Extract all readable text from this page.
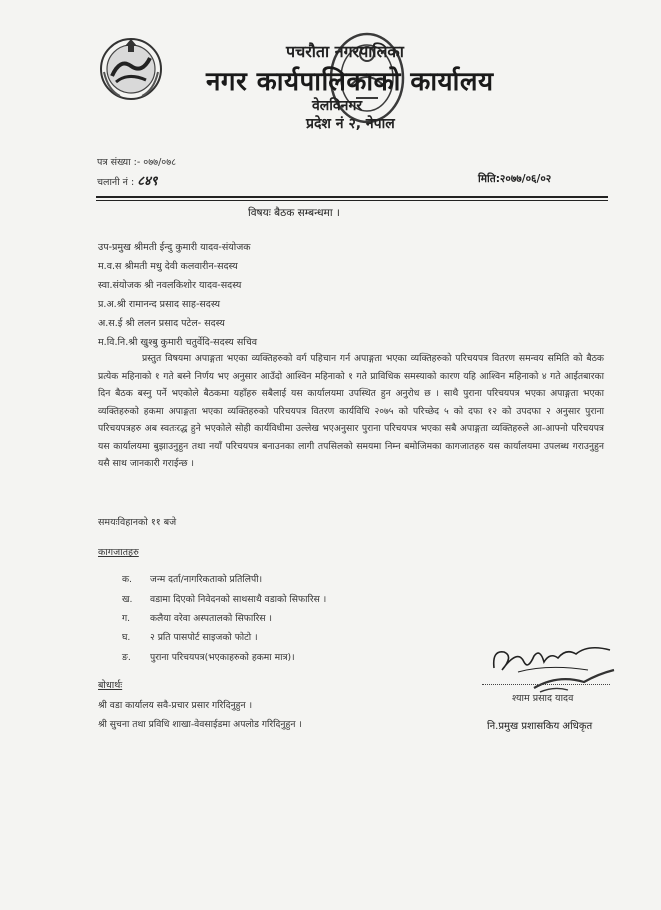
पचरौता नगरपालिका
नगर कार्यपालिकाको कार्यालय
वेलविनगर
प्रदेश नं २, नेपाल
पत्र संख्या :- ०७७/०७८
चलानी नं : ८४९	मिति:२०७७/०६/०२
विषयः बैठक सम्बन्धमा ।
उप-प्रमुख श्रीमती ईन्दु कुमारी यादव-संयोजक
म.व.स श्रीमती मधु देवी कलवारीन-सदस्य
स्वा.संयोजक श्री नवलकिशोर यादव-सदस्य
प्र.अ.श्री रामानन्द प्रसाद साह-सदस्य
अ.स.ई श्री ललन प्रसाद पटेल- सदस्य
म.वि.नि.श्री खुश्बु कुमारी चतुर्वेदि-सदस्य सचिव
प्रस्तुत विषयमा अपाङ्गता भएका व्यक्तिहरुको वर्ग पहिचान गर्न अपाङ्गता भएका व्यक्तिहरुको परिचयपत्र वितरण समन्वय समिति को बैठक प्रत्येक महिनाको १ गते बस्ने निर्णय भए अनुसार आउँदो आश्विन महिनाको १ गते प्राविधिक समस्याको कारण यहि आश्विन महिनाको ४ गते आईतबारका दिन बैठक बस्नु पर्ने भएकोले बैठकमा यहाँहरु सबैलाई यस कार्यालयमा उपस्थित हुन अनुरोध छ । साथै पुराना परिचयपत्र भएका अपाङ्गता भएका व्यक्तिहरुको हकमा अपाङ्गता भएका व्यक्तिहरुको परिचयपत्र वितरण कार्यविधि २०७५ को परिच्छेद ५ को दफा १२ को उपदफा २ अनुसार पुराना परिचयपत्रहरु अब स्वतःरद्ध हुने भएकोले सोही कार्यविधीमा उल्लेख भएअनुसार पुराना परिचयपत्र भएका सबै अपाङ्गता व्यक्तिहरुले आ-आफ्नो परिचयपत्र यस कार्यालयमा बुझाउनुहुन तथा नयाँ परिचयपत्र बनाउनका लागी तपसिलको समयमा निम्न बमोजिमका कागजातहरु यस कार्यालयमा उपलब्ध गराउनुहुन यसै साथ जानकारी गराईन्छ ।
समयःविहानको ११ बजे
कागजातहरु
क. जन्म दर्ता/नागरिकताको प्रतिलिपी।
ख. वडामा दिएको निवेदनको साथसाथै वडाको सिफारिस ।
ग. कलैया वरेवा अस्पतालको सिफारिस ।
घ. २ प्रति पासपोर्ट साइजको फोटो ।
ङ. पुराना परिचयपत्र(भएकाहरुको हकमा मात्र)।
बोधार्थः
श्री वडा कार्यालय सवै-प्रचार प्रसार गरिदिनुहुन ।
श्री सुचना तथा प्रविधि शाखा-वेवसाईडमा अपलोड गरिदिनुहुन ।
श्याम प्रसाद यादव
नि.प्रमुख प्रशासकिय अधिकृत
